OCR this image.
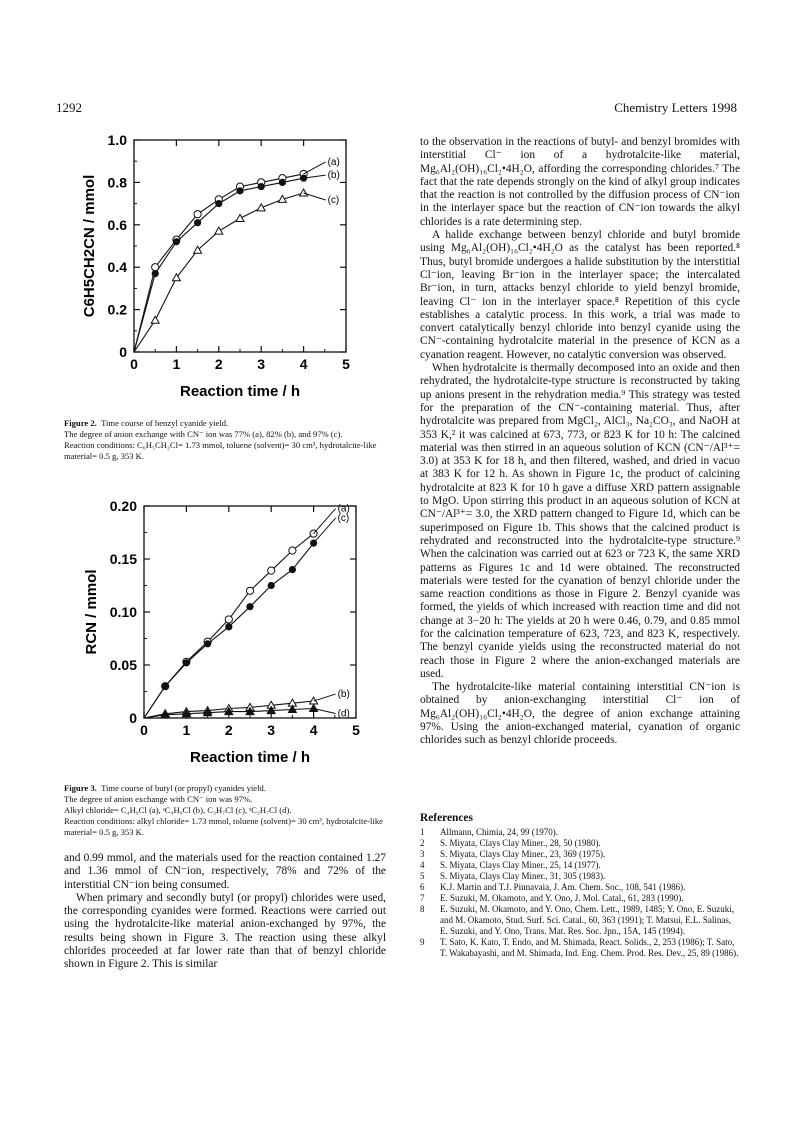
1292	Chemistry Letters 1998
0 1 2 3 4 5
0
0.2
0.4
0.6
0.8
1.0
Reaction time / h
C6H5CH2CN / mmol
(a)
(b)
(c)

Figure 2. Time course of benzyl cyanide yield.

The degree of anion exchange with CN⁻ ion was 77% (a), 82% (b), and 97% (c).

Reaction conditions: C₆H₅CH₂Cl= 1.73 mmol, toluene (solvent)= 30 cm³, hydrotalcite-like material= 0.5 g, 353 K.

0 1 2 3 4 5
0
0.05
0.10
0.15
0.20
Reaction time / h
RCN / mmol
(a)
(c)
(b)
(d)

Figure 3. Time course of butyl (or propyl) cyanides yield.

The degree of anion exchange with CN⁻ ion was 97%.

Alkyl chloride= C₄H₉Cl (a), ˢC₄H₉Cl (b), C₃H₇Cl (c), ˢC₃H₇Cl (d).

Reaction conditions: alkyl chloride= 1.73 mmol, toluene (solvent)= 30 cm³, hydrotalcite-like material= 0.5 g, 353 K.

and 0.99 mmol, and the materials used for the reaction contained 1.27 and 1.36 mmol of CN⁻ion, respectively, 78% and 72% of the interstitial CN⁻ion being consumed.

When primary and secondly butyl (or propyl) chlorides were used, the corresponding cyanides were formed. Reactions were carried out using the hydrotalcite-like material anion-exchanged by 97%, the results being shown in Figure 3. The reaction using these alkyl chlorides proceeded at far lower rate than that of benzyl chloride shown in Figure 2. This is similar

to the observation in the reactions of butyl- and benzyl bromides with interstitial Cl⁻ ion of a hydrotalcite-like material, Mg₆Al₂(OH)₁₆Cl₂•4H₂O, affording the corresponding chlorides.⁷ The fact that the rate depends strongly on the kind of alkyl group indicates that the reaction is not controlled by the diffusion process of CN⁻ion in the interlayer space but the reaction of CN⁻ion towards the alkyl chlorides is a rate determining step.

A halide exchange between benzyl chloride and butyl bromide using Mg₆Al₂(OH)₁₆Cl₂•4H₂O as the catalyst has been reported.⁸ Thus, butyl bromide undergoes a halide substitution by the interstitial Cl⁻ion, leaving Br⁻ion in the interlayer space; the intercalated Br⁻ion, in turn, attacks benzyl chloride to yield benzyl bromide, leaving Cl⁻ ion in the interlayer space.⁸ Repetition of this cycle establishes a catalytic process. In this work, a trial was made to convert catalytically benzyl chloride into benzyl cyanide using the CN⁻-containing hydrotalcite material in the presence of KCN as a cyanation reagent. However, no catalytic conversion was observed.

When hydrotalcite is thermally decomposed into an oxide and then rehydrated, the hydrotalcite-type structure is reconstructed by taking up anions present in the rehydration media.⁹ This strategy was tested for the preparation of the CN⁻-containing material. Thus, after hydrotalcite was prepared from MgCl₂, AlCl₃, Na₂CO₃, and NaOH at 353 K,² it was calcined at 673, 773, or 823 K for 10 h: The calcined material was then stirred in an aqueous solution of KCN (CN⁻/Al³⁺= 3.0) at 353 K for 18 h, and then filtered, washed, and dried in vacuo at 383 K for 12 h. As shown in Figure 1c, the product of calcining hydrotalcite at 823 K for 10 h gave a diffuse XRD pattern assignable to MgO. Upon stirring this product in an aqueous solution of KCN at CN⁻/Al³⁺= 3.0, the XRD pattern changed to Figure 1d, which can be superimposed on Figure 1b. This shows that the calcined product is rehydrated and reconstructed into the hydrotalcite-type structure.⁹ When the calcination was carried out at 623 or 723 K, the same XRD patterns as Figures 1c and 1d were obtained. The reconstructed materials were tested for the cyanation of benzyl chloride under the same reaction conditions as those in Figure 2. Benzyl cyanide was formed, the yields of which increased with reaction time and did not change at 3−20 h: The yields at 20 h were 0.46, 0.79, and 0.85 mmol for the calcination temperature of 623, 723, and 823 K, respectively. The benzyl cyanide yields using the reconstructed material do not reach those in Figure 2 where the anion-exchanged materials are used.

The hydrotalcite-like material containing interstitial CN⁻ion is obtained by anion-exchanging interstitial Cl⁻ ion of Mg₆Al₂(OH)₁₆Cl₂•4H₂O, the degree of anion exchange attaining 97%. Using the anion-exchanged material, cyanation of organic chlorides such as benzyl chloride proceeds.

References
1	Allmann, Chimia, 24, 99 (1970).
2	S. Miyata, Clays Clay Miner., 28, 50 (1980).
3	S. Miyata, Clays Clay Miner., 23, 369 (1975).
4	S. Miyata, Clays Clay Miner., 25, 14 (1977).
5	S. Miyata, Clays Clay Miner., 31, 305 (1983).
6	K.J. Martin and T.J. Pinnavaia, J. Am. Chem. Soc., 108, 541 (1986).
7	E. Suzuki, M. Okamoto, and Y. Ono, J. Mol. Catal., 61, 283 (1990).
8	E. Suzuki, M. Okamoto, and Y. Ono, Chem. Lett., 1989, 1485; Y. Ono, E. Suzuki, and M. Okamoto, Stud. Surf. Sci. Catal., 60, 363 (1991); T. Matsui, E.L. Salinas, E. Suzuki, and Y. Ono, Trans. Mat. Res. Soc. Jpn., 15A, 145 (1994).
9	T. Sato, K. Kato, T. Endo, and M. Shimada, React. Solids., 2, 253 (1986); T. Sato, T. Wakabayashi, and M. Shimada, Ind. Eng. Chem. Prod. Res. Dev., 25, 89 (1986).
